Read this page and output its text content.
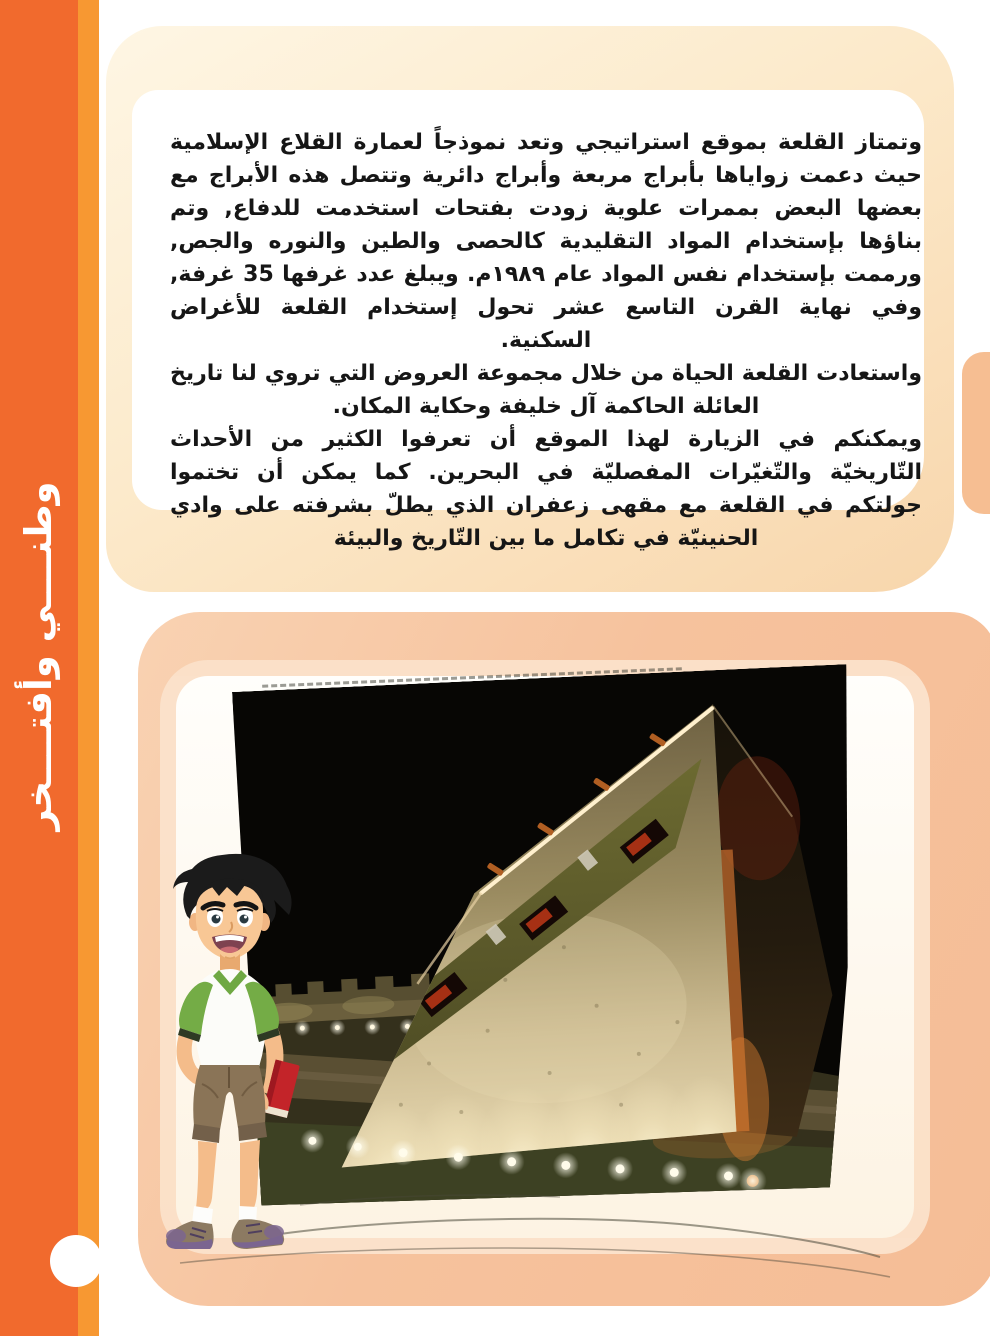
وطنــــي وأفتــــخر

وتمتاز القلعة بموقع استراتيجي وتعد نموذجاً لعمارة القلاع الإسلامية حيث دعمت زواياها بأبراج مربعة وأبراج دائرية وتتصل هذه الأبراج مع بعضها البعض بممرات علوية زودت بفتحات استخدمت للدفاع, وتم بناؤها بإستخدام المواد التقليدية كالحصى والطين والنوره والجص, ورممت بإستخدام نفس المواد عام ١٩٨٩م. ويبلغ عدد غرفها 35 غرفة, وفي نهاية القرن التاسع عشر تحول إستخدام القلعة للأغراض السكنية.

واستعادت القلعة الحياة من خلال مجموعة العروض التي تروي لنا تاريخ العائلة الحاكمة آل خليفة وحكاية المكان.

ويمكنكم في الزيارة لهذا الموقع أن تعرفوا الكثير من الأحداث التّاريخيّة والتّغيّرات المفصليّة في البحرين. كما يمكن أن تختموا جولتكم في القلعة مع مقهى زعفران الذي يطلّ بشرفته على وادي الحنينيّة في تكامل ما بين التّاريخ والبيئة
